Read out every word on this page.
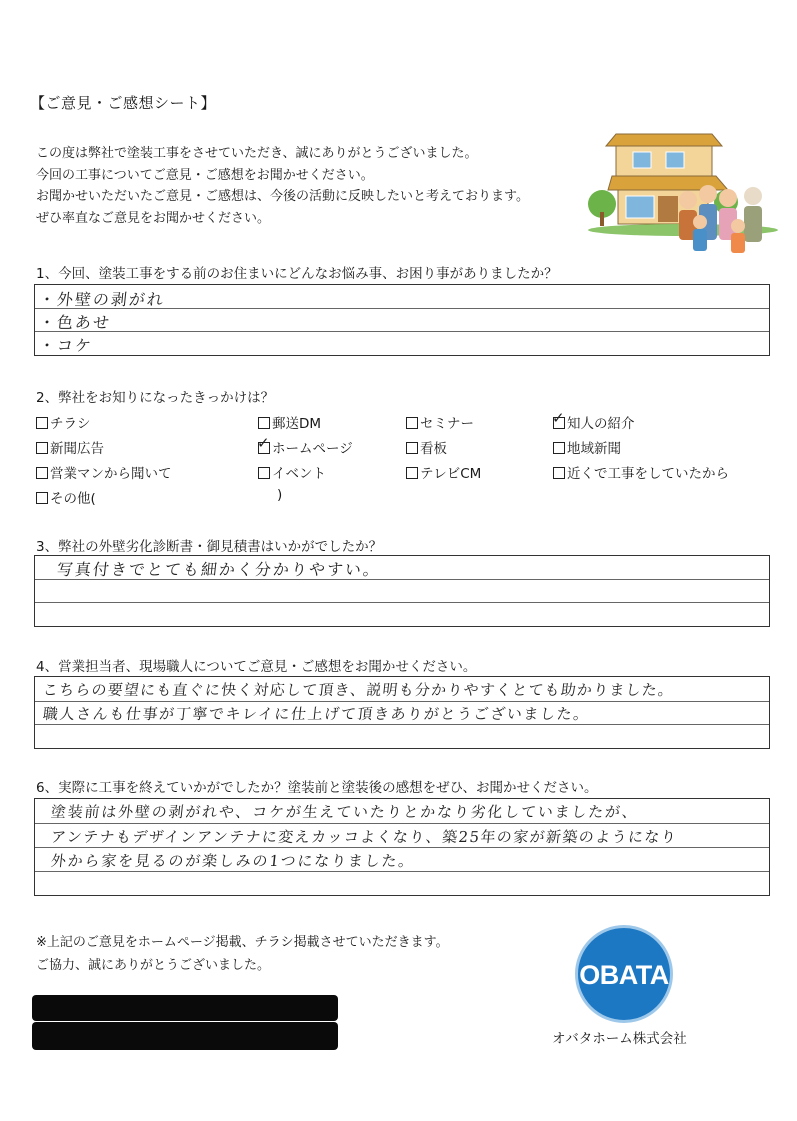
【ご意見・ご感想シート】
この度は弊社で塗装工事をさせていただき、誠にありがとうございました。
今回の工事についてご意見・ご感想をお聞かせください。
お聞かせいただいたご意見・ご感想は、今後の活動に反映したいと考えております。
ぜひ率直なご意見をお聞かせください。
1、今回、塗装工事をする前のお住まいにどんなお悩み事、お困り事がありましたか？
・外壁の剥がれ
・色あせ
・コケ
2、弊社をお知りになったきっかけは？
チラシ	郵送DM	セミナー	✓ 知人の紹介
新聞広告	✓ ホームページ	看板	地域新聞
営業マンから聞いて	イベント	テレビCM	近くで工事をしていたから
その他(	)
3、弊社の外壁劣化診断書・御見積書はいかがでしたか？
写真付きでとても細かく分かりやすい。
4、営業担当者、現場職人についてご意見・ご感想をお聞かせください。
こちらの要望にも直ぐに快く対応して頂き、説明も分かりやすくとても助かりました。
職人さんも仕事が丁寧でキレイに仕上げて頂きありがとうございました。
6、実際に工事を終えていかがでしたか？塗装前と塗装後の感想をぜひ、お聞かせください。
塗装前は外壁の剥がれや、コケが生えていたりとかなり劣化していましたが、
アンテナもデザインアンテナに変えカッコよくなり、築25年の家が新築のようになり
外から家を見るのが楽しみの1つになりました。
※上記のご意見をホームページ掲載、チラシ掲載させていただきます。
ご協力、誠にありがとうございました。	OBATA
オバタホーム株式会社
